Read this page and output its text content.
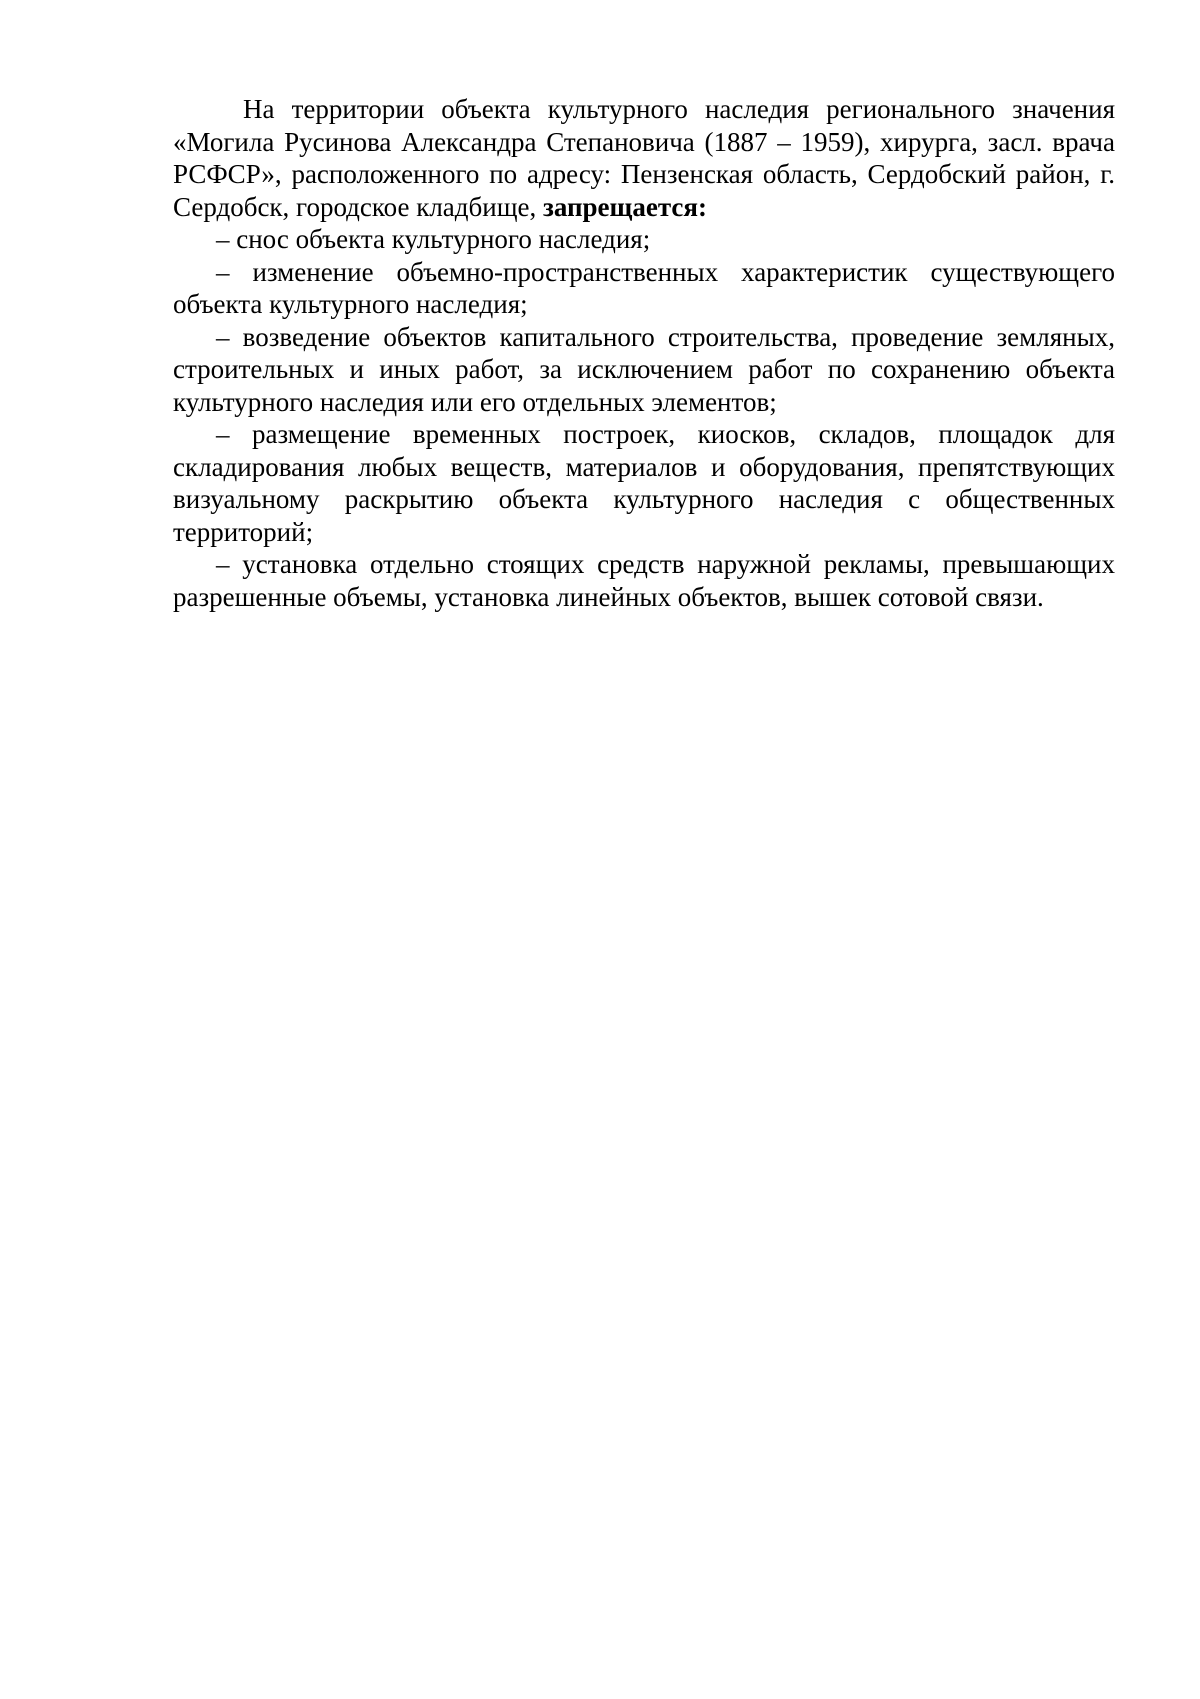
На территории объекта культурного наследия регионального значения «Могила Русинова Александра Степановича (1887 – 1959), хирурга, засл. врача РСФСР», расположенного по адресу: Пензенская область, Сердобский район, г. Сердобск, городское кладбище, запрещается:

– снос объекта культурного наследия;

– изменение объемно-пространственных характеристик существующего объекта культурного наследия;

– возведение объектов капитального строительства, проведение земляных, строительных и иных работ, за исключением работ по сохранению объекта культурного наследия или его отдельных элементов;

– размещение временных построек, киосков, складов, площадок для складирования любых веществ, материалов и оборудования, препятствующих визуальному раскрытию объекта культурного наследия с общественных территорий;

– установка отдельно стоящих средств наружной рекламы, превышающих разрешенные объемы, установка линейных объектов, вышек сотовой связи.
